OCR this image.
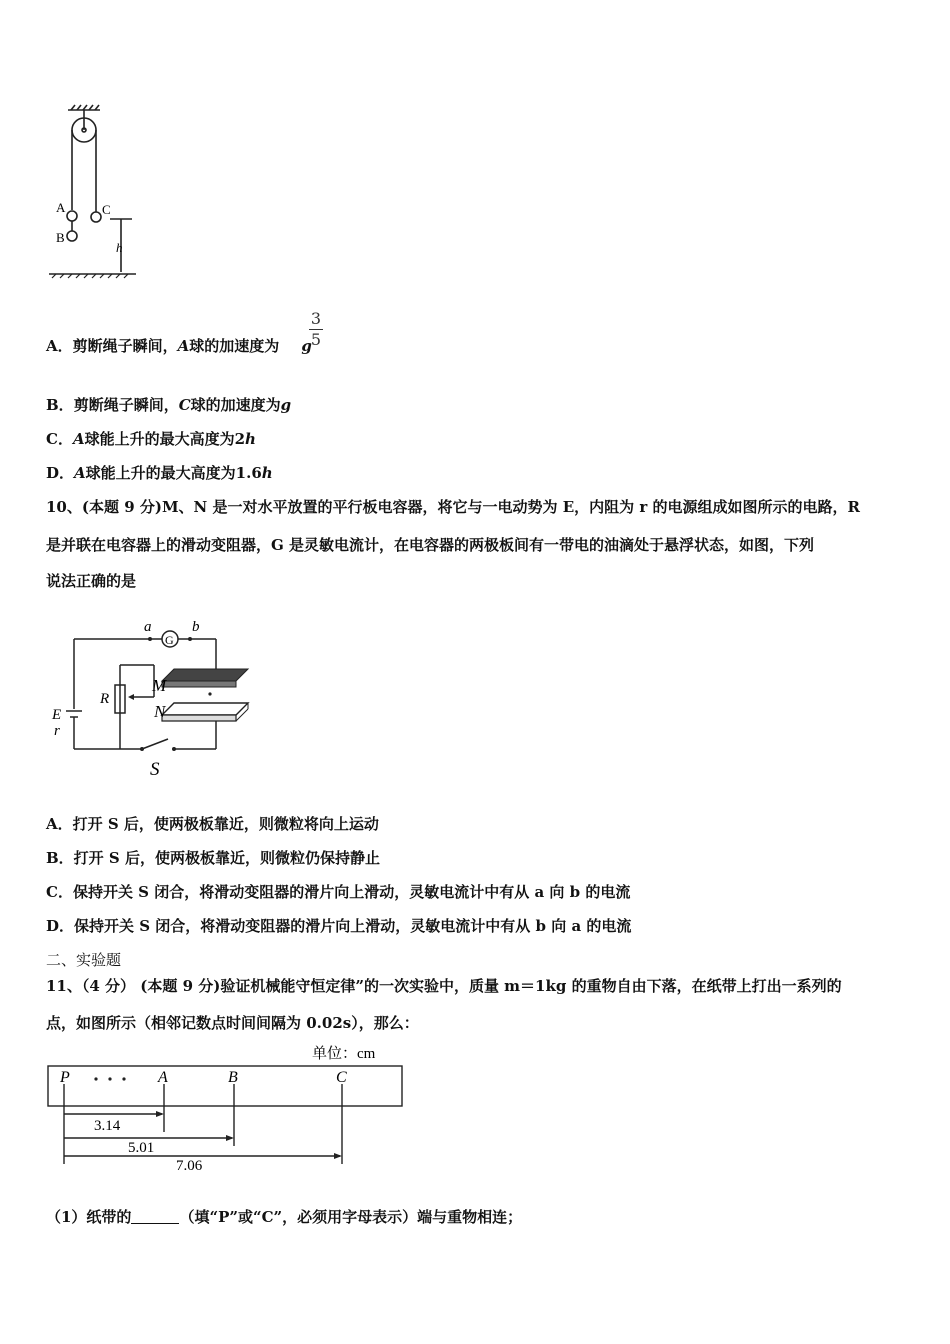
A
B
C
h
A．剪断绳子瞬间，A球的加速度为 g
3
5
B．剪断绳子瞬间，C球的加速度为g
C．A球能上升的最大高度为2h
D．A球能上升的最大高度为1.6h
10、(本题 9 分)M、N 是一对水平放置的平行板电容器，将它与一电动势为 E，内阻为 r 的电源组成如图所示的电路，R
是并联在电容器上的滑动变阻器，G 是灵敏电流计，在电容器的两极板间有一带电的油滴处于悬浮状态，如图，下列
说法正确的是
a
G
b
R
M
N
E
r
S
A．打开 S 后，使两极板靠近，则微粒将向上运动
B．打开 S 后，使两极板靠近，则微粒仍保持静止
C．保持开关 S 闭合，将滑动变阻器的滑片向上滑动，灵敏电流计中有从 a 向 b 的电流
D．保持开关 S 闭合，将滑动变阻器的滑片向上滑动，灵敏电流计中有从 b 向 a 的电流
二、实验题
11、（4 分） (本题 9 分)验证机械能守恒定律”的一次实验中，质量 m＝1kg 的重物自由下落，在纸带上打出一系列的
点，如图所示（相邻记数点时间间隔为 0.02s），那么：
单位：cm
P	A	B	C
3.14
5.01
7.06
（1）纸带的	（填“P”或“C”，必须用字母表示）端与重物相连；
